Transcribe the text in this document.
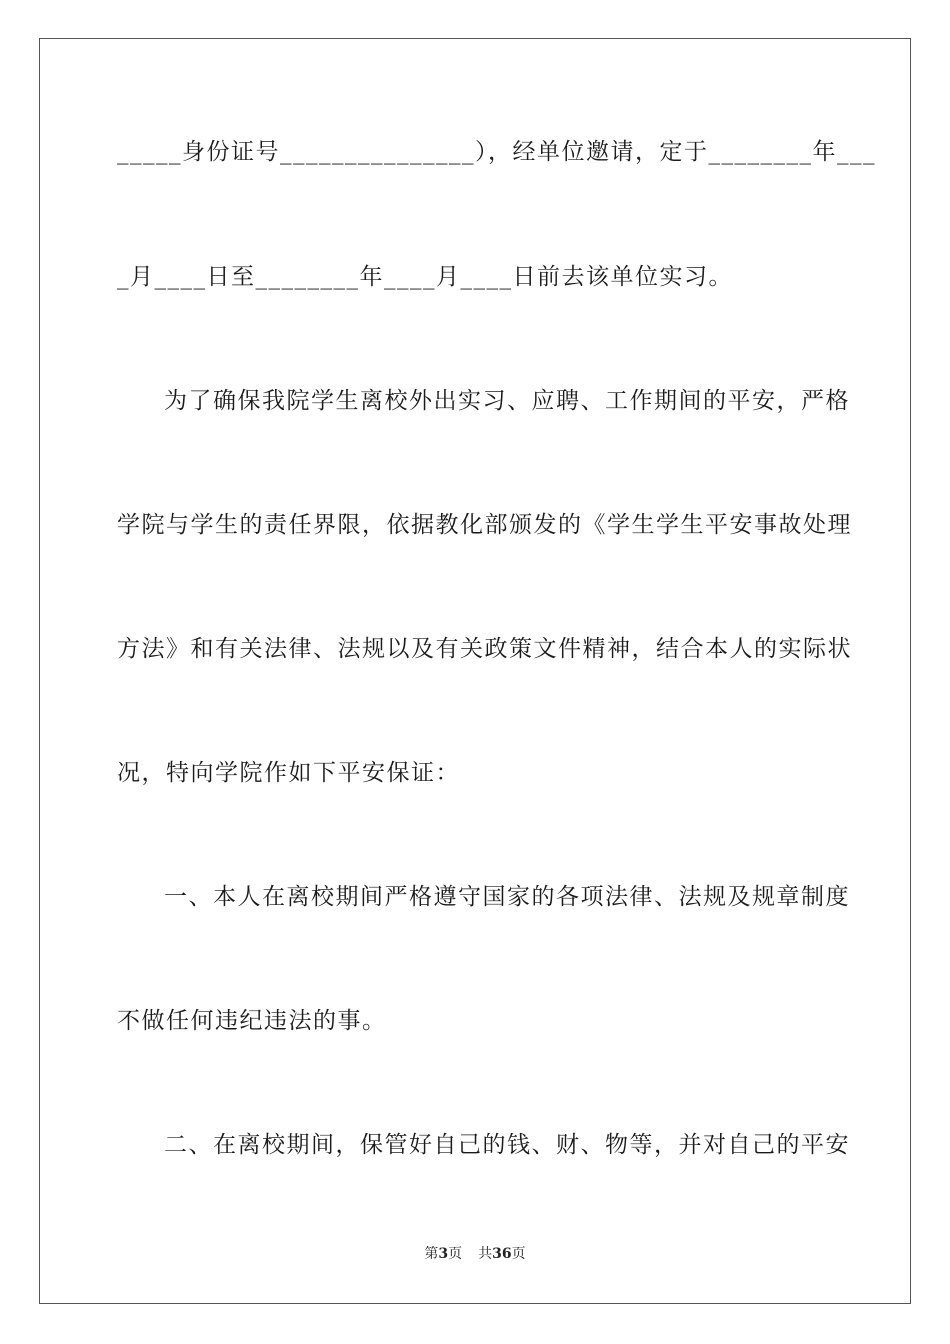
_____身份证号_______________），经单位邀请，定于________年___
_月____日至________年____月____日前去该单位实习。
为了确保我院学生离校外出实习、应聘、工作期间的平安，严格
学院与学生的责任界限，依据教化部颁发的《学生学生平安事故处理
方法》和有关法律、法规以及有关政策文件精神，结合本人的实际状
况，特向学院作如下平安保证：
一、本人在离校期间严格遵守国家的各项法律、法规及规章制度
不做任何违纪违法的事。
二、在离校期间，保管好自己的钱、财、物等，并对自己的平安
第3页 共36页
